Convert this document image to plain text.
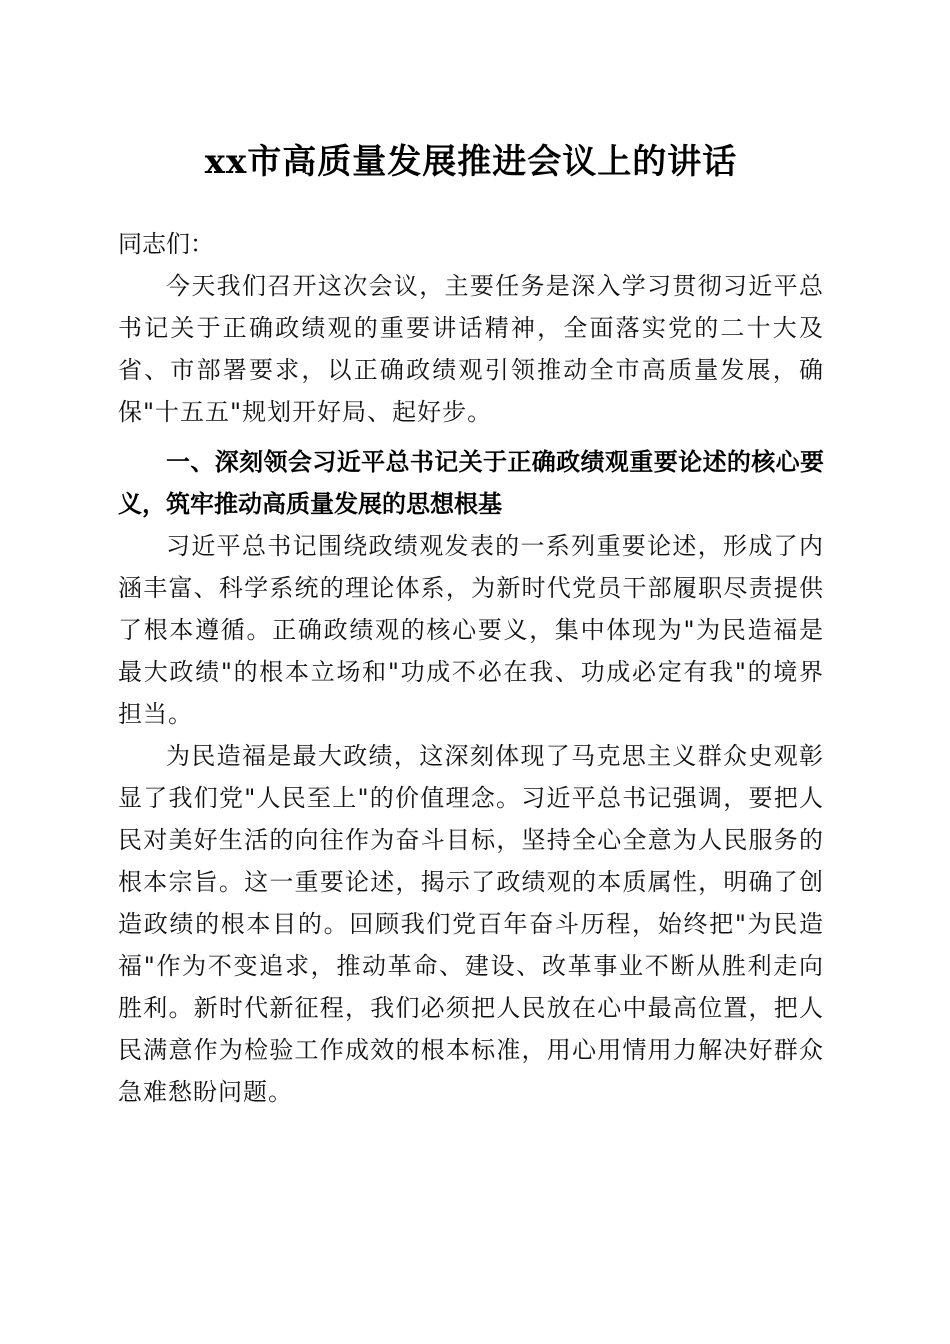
xx市高质量发展推进会议上的讲话
同志们：

今天我们召开这次会议，主要任务是深入学习贯彻习近平总书记关于正确政绩观的重要讲话精神，全面落实党的二十大及省、市部署要求，以正确政绩观引领推动全市高质量发展，确保"十五五"规划开好局、起好步。

一、深刻领会习近平总书记关于正确政绩观重要论述的核心要义，筑牢推动高质量发展的思想根基

习近平总书记围绕政绩观发表的一系列重要论述，形成了内涵丰富、科学系统的理论体系，为新时代党员干部履职尽责提供了根本遵循。正确政绩观的核心要义，集中体现为"为民造福是最大政绩"的根本立场和"功成不必在我、功成必定有我"的境界担当。

为民造福是最大政绩，这深刻体现了马克思主义群众史观彰显了我们党"人民至上"的价值理念。习近平总书记强调，要把人民对美好生活的向往作为奋斗目标，坚持全心全意为人民服务的根本宗旨。这一重要论述，揭示了政绩观的本质属性，明确了创造政绩的根本目的。回顾我们党百年奋斗历程，始终把"为民造福"作为不变追求，推动革命、建设、改革事业不断从胜利走向胜利。新时代新征程，我们必须把人民放在心中最高位置，把人民满意作为检验工作成效的根本标准，用心用情用力解决好群众急难愁盼问题。
